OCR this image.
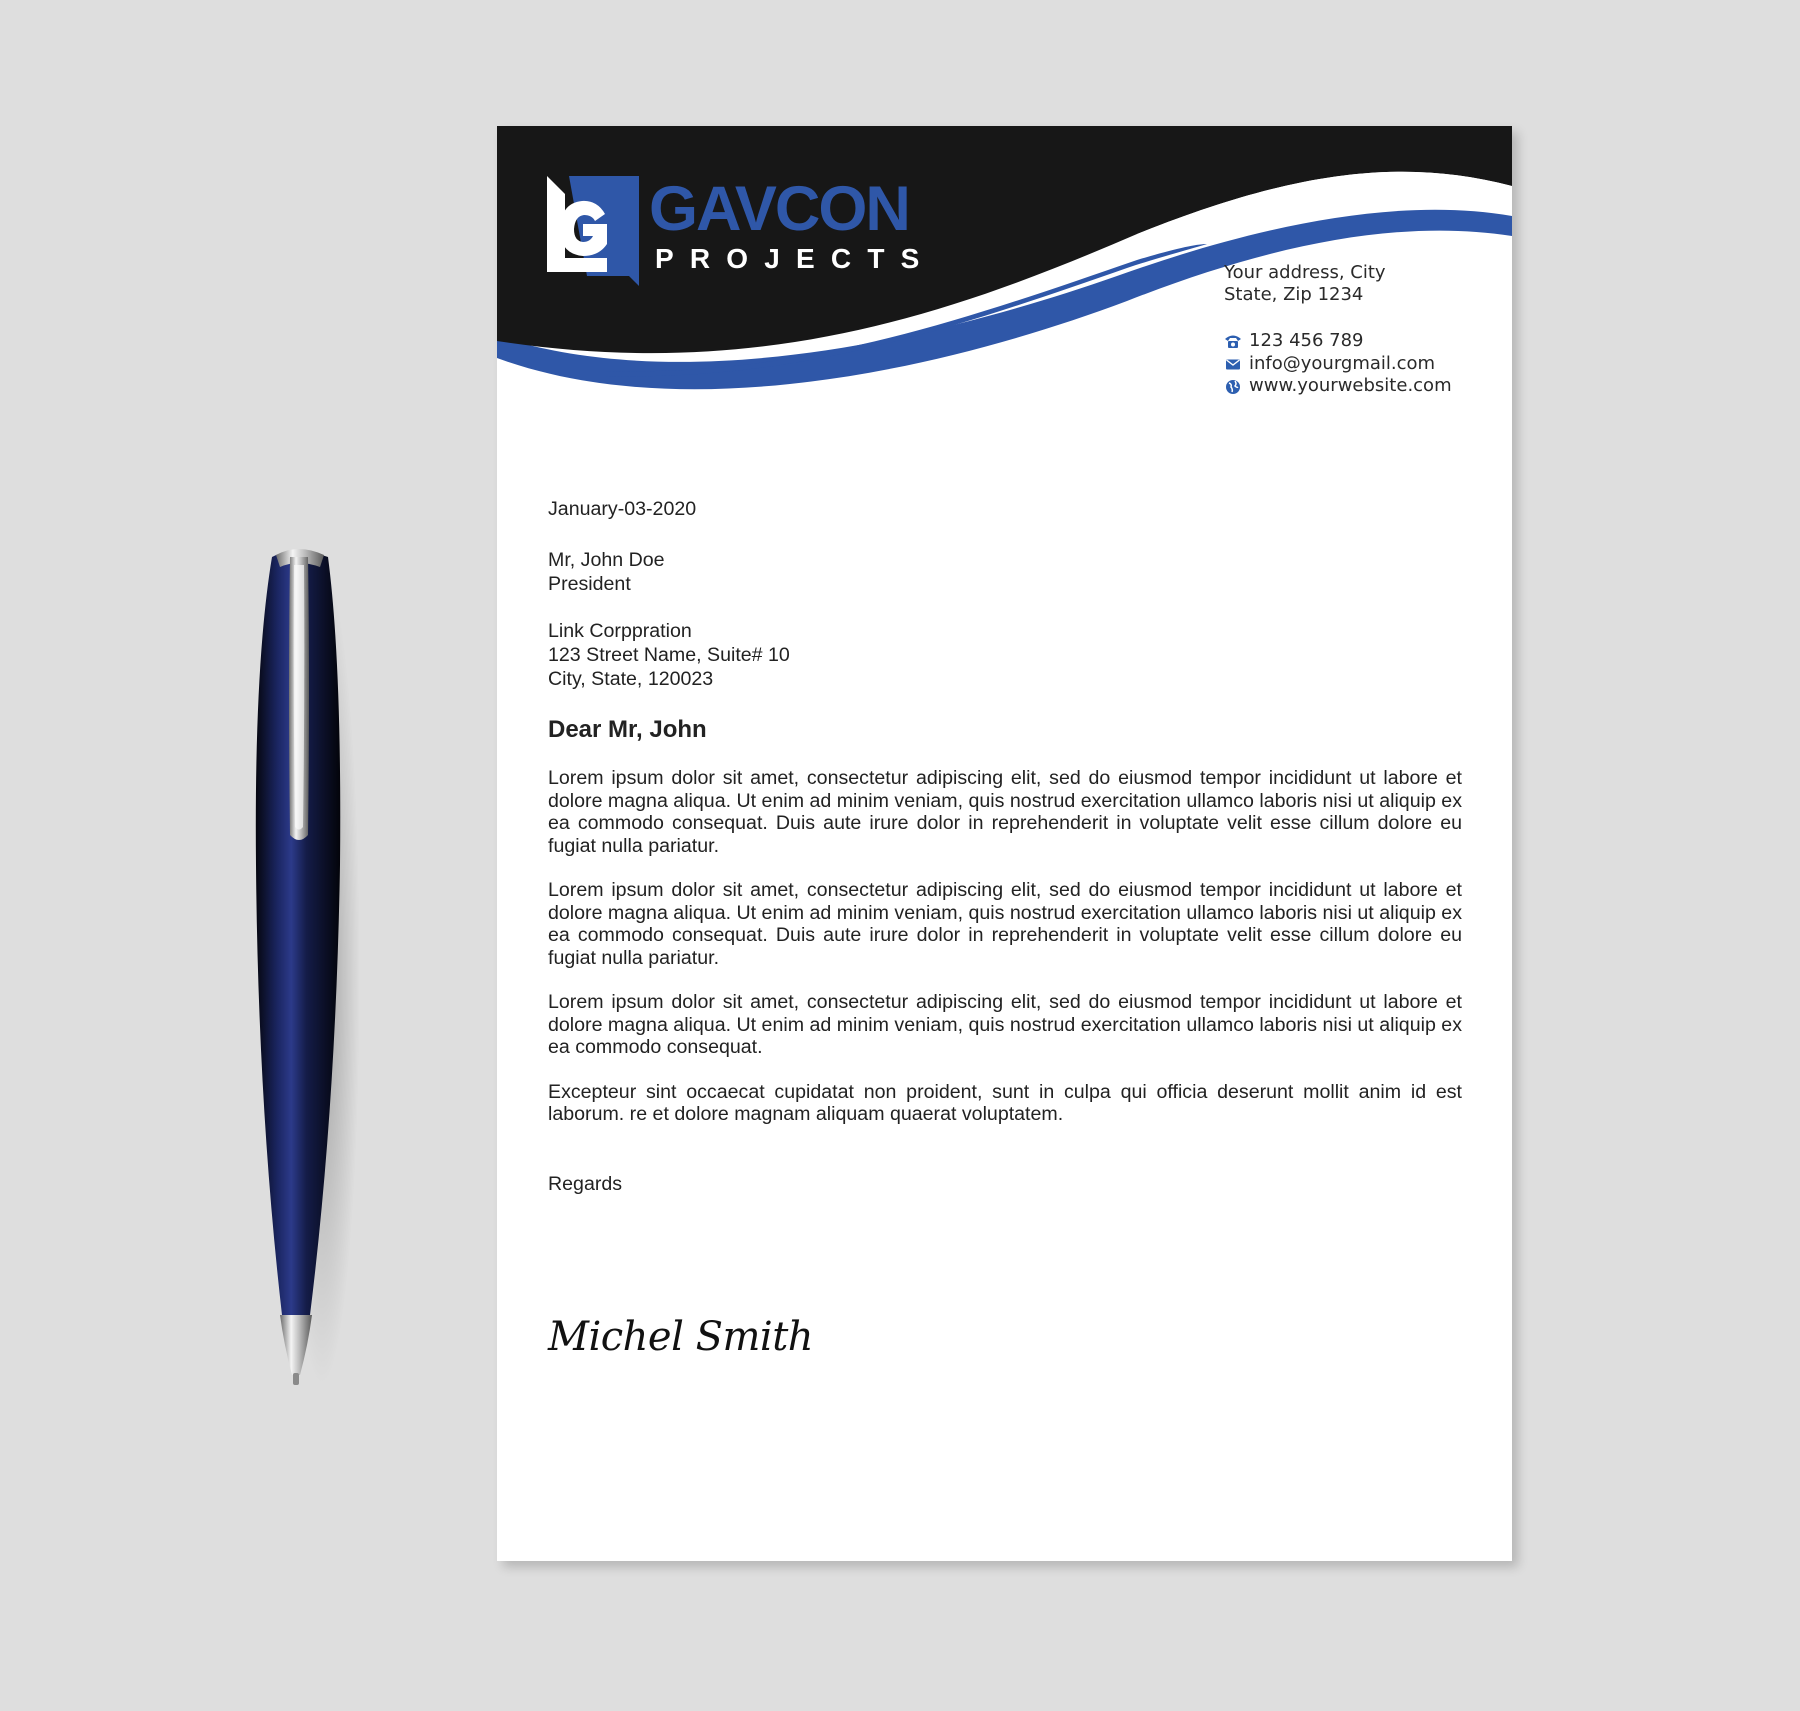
GAVCON
PROJECTS	Your address, City
State, Zip 1234
123 456 789
info@yourgmail.com
www.yourwebsite.com
January-03-2020
Mr, John Doe
President
Link Corppration
123 Street Name, Suite# 10
City, State, 120023
Dear Mr, John

Lorem ipsum dolor sit amet, consectetur adipiscing elit, sed do eiusmod tempor incididunt ut labore et dolore magna aliqua. Ut enim ad minim veniam, quis nostrud exercitation ullamco laboris nisi ut aliquip ex ea commodo consequat. Duis aute irure dolor in reprehenderit in voluptate velit esse cillum dolore eu fugiat nulla pariatur.

Lorem ipsum dolor sit amet, consectetur adipiscing elit, sed do eiusmod tempor incididunt ut labore et dolore magna aliqua. Ut enim ad minim veniam, quis nostrud exercitation ullamco laboris nisi ut aliquip ex ea commodo consequat. Duis aute irure dolor in reprehenderit in voluptate velit esse cillum dolore eu fugiat nulla pariatur.

Lorem ipsum dolor sit amet, consectetur adipiscing elit, sed do eiusmod tempor incididunt ut labore et dolore magna aliqua. Ut enim ad minim veniam, quis nostrud exercitation ullamco laboris nisi ut aliquip ex ea commodo consequat.

Excepteur sint occaecat cupidatat non proident, sunt in culpa qui officia deserunt mollit anim id est laborum. re et dolore magnam aliquam quaerat voluptatem.

Regards
Michel Smith
